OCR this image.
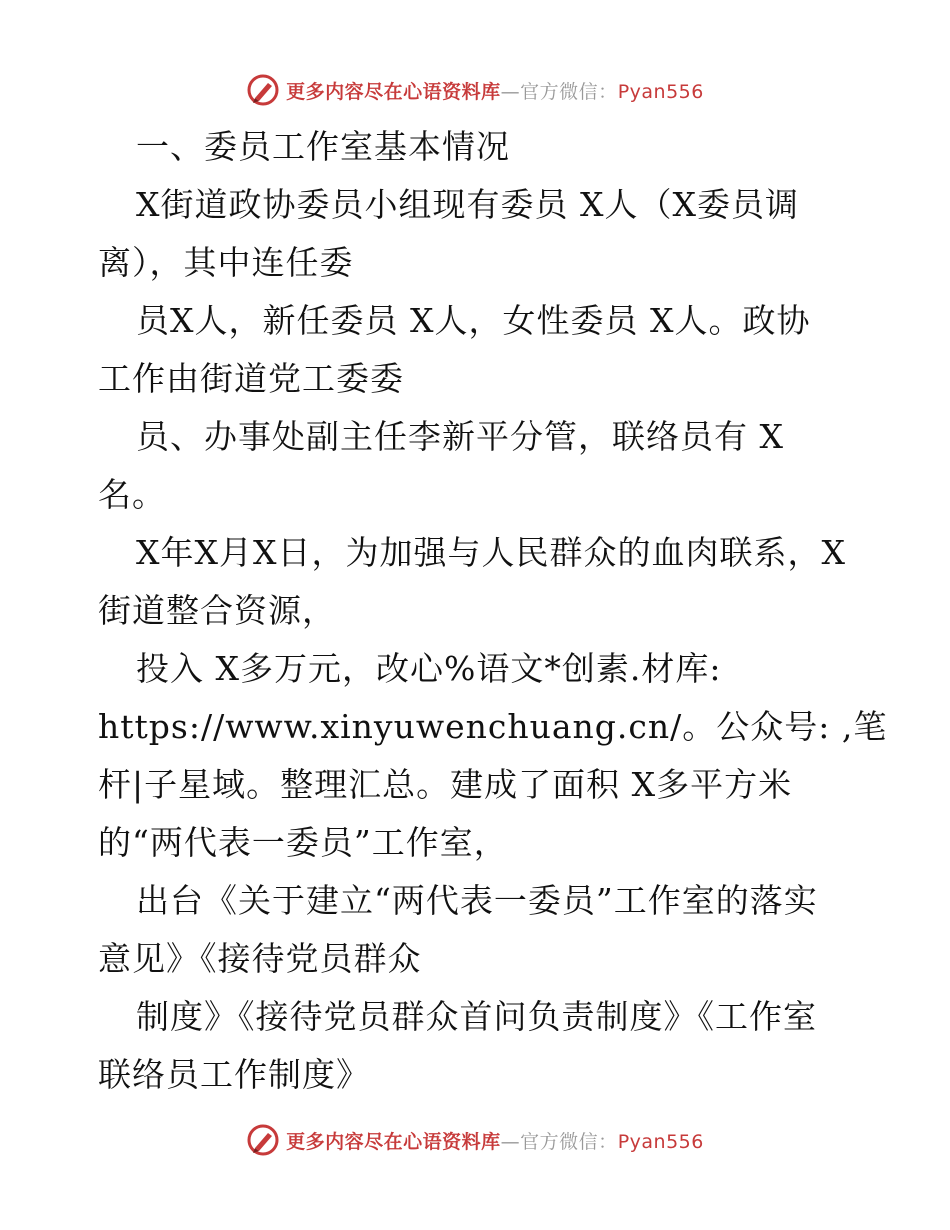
更多内容尽在心语资料库—官方微信：Pyan556
一、委员工作室基本情况
X街道政协委员小组现有委员 X人（X委员调
离），其中连任委
员X人，新任委员 X人，女性委员 X人。政协
工作由街道党工委委
员、办事处副主任李新平分管，联络员有 X
名。
X年X月X日，为加强与人民群众的血肉联系，X
街道整合资源，
投入 X多万元，改心%语文*创素.材库:
https://www.xinyuwenchuang.cn/。公众号: ,笔
杆|子星域。整理汇总。建成了面积 X多平方米
的“两代表一委员”工作室，
出台《关于建立“两代表一委员”工作室的落实
意见》《接待党员群众
制度》《接待党员群众首问负责制度》《工作室
联络员工作制度》
更多内容尽在心语资料库—官方微信：Pyan556
